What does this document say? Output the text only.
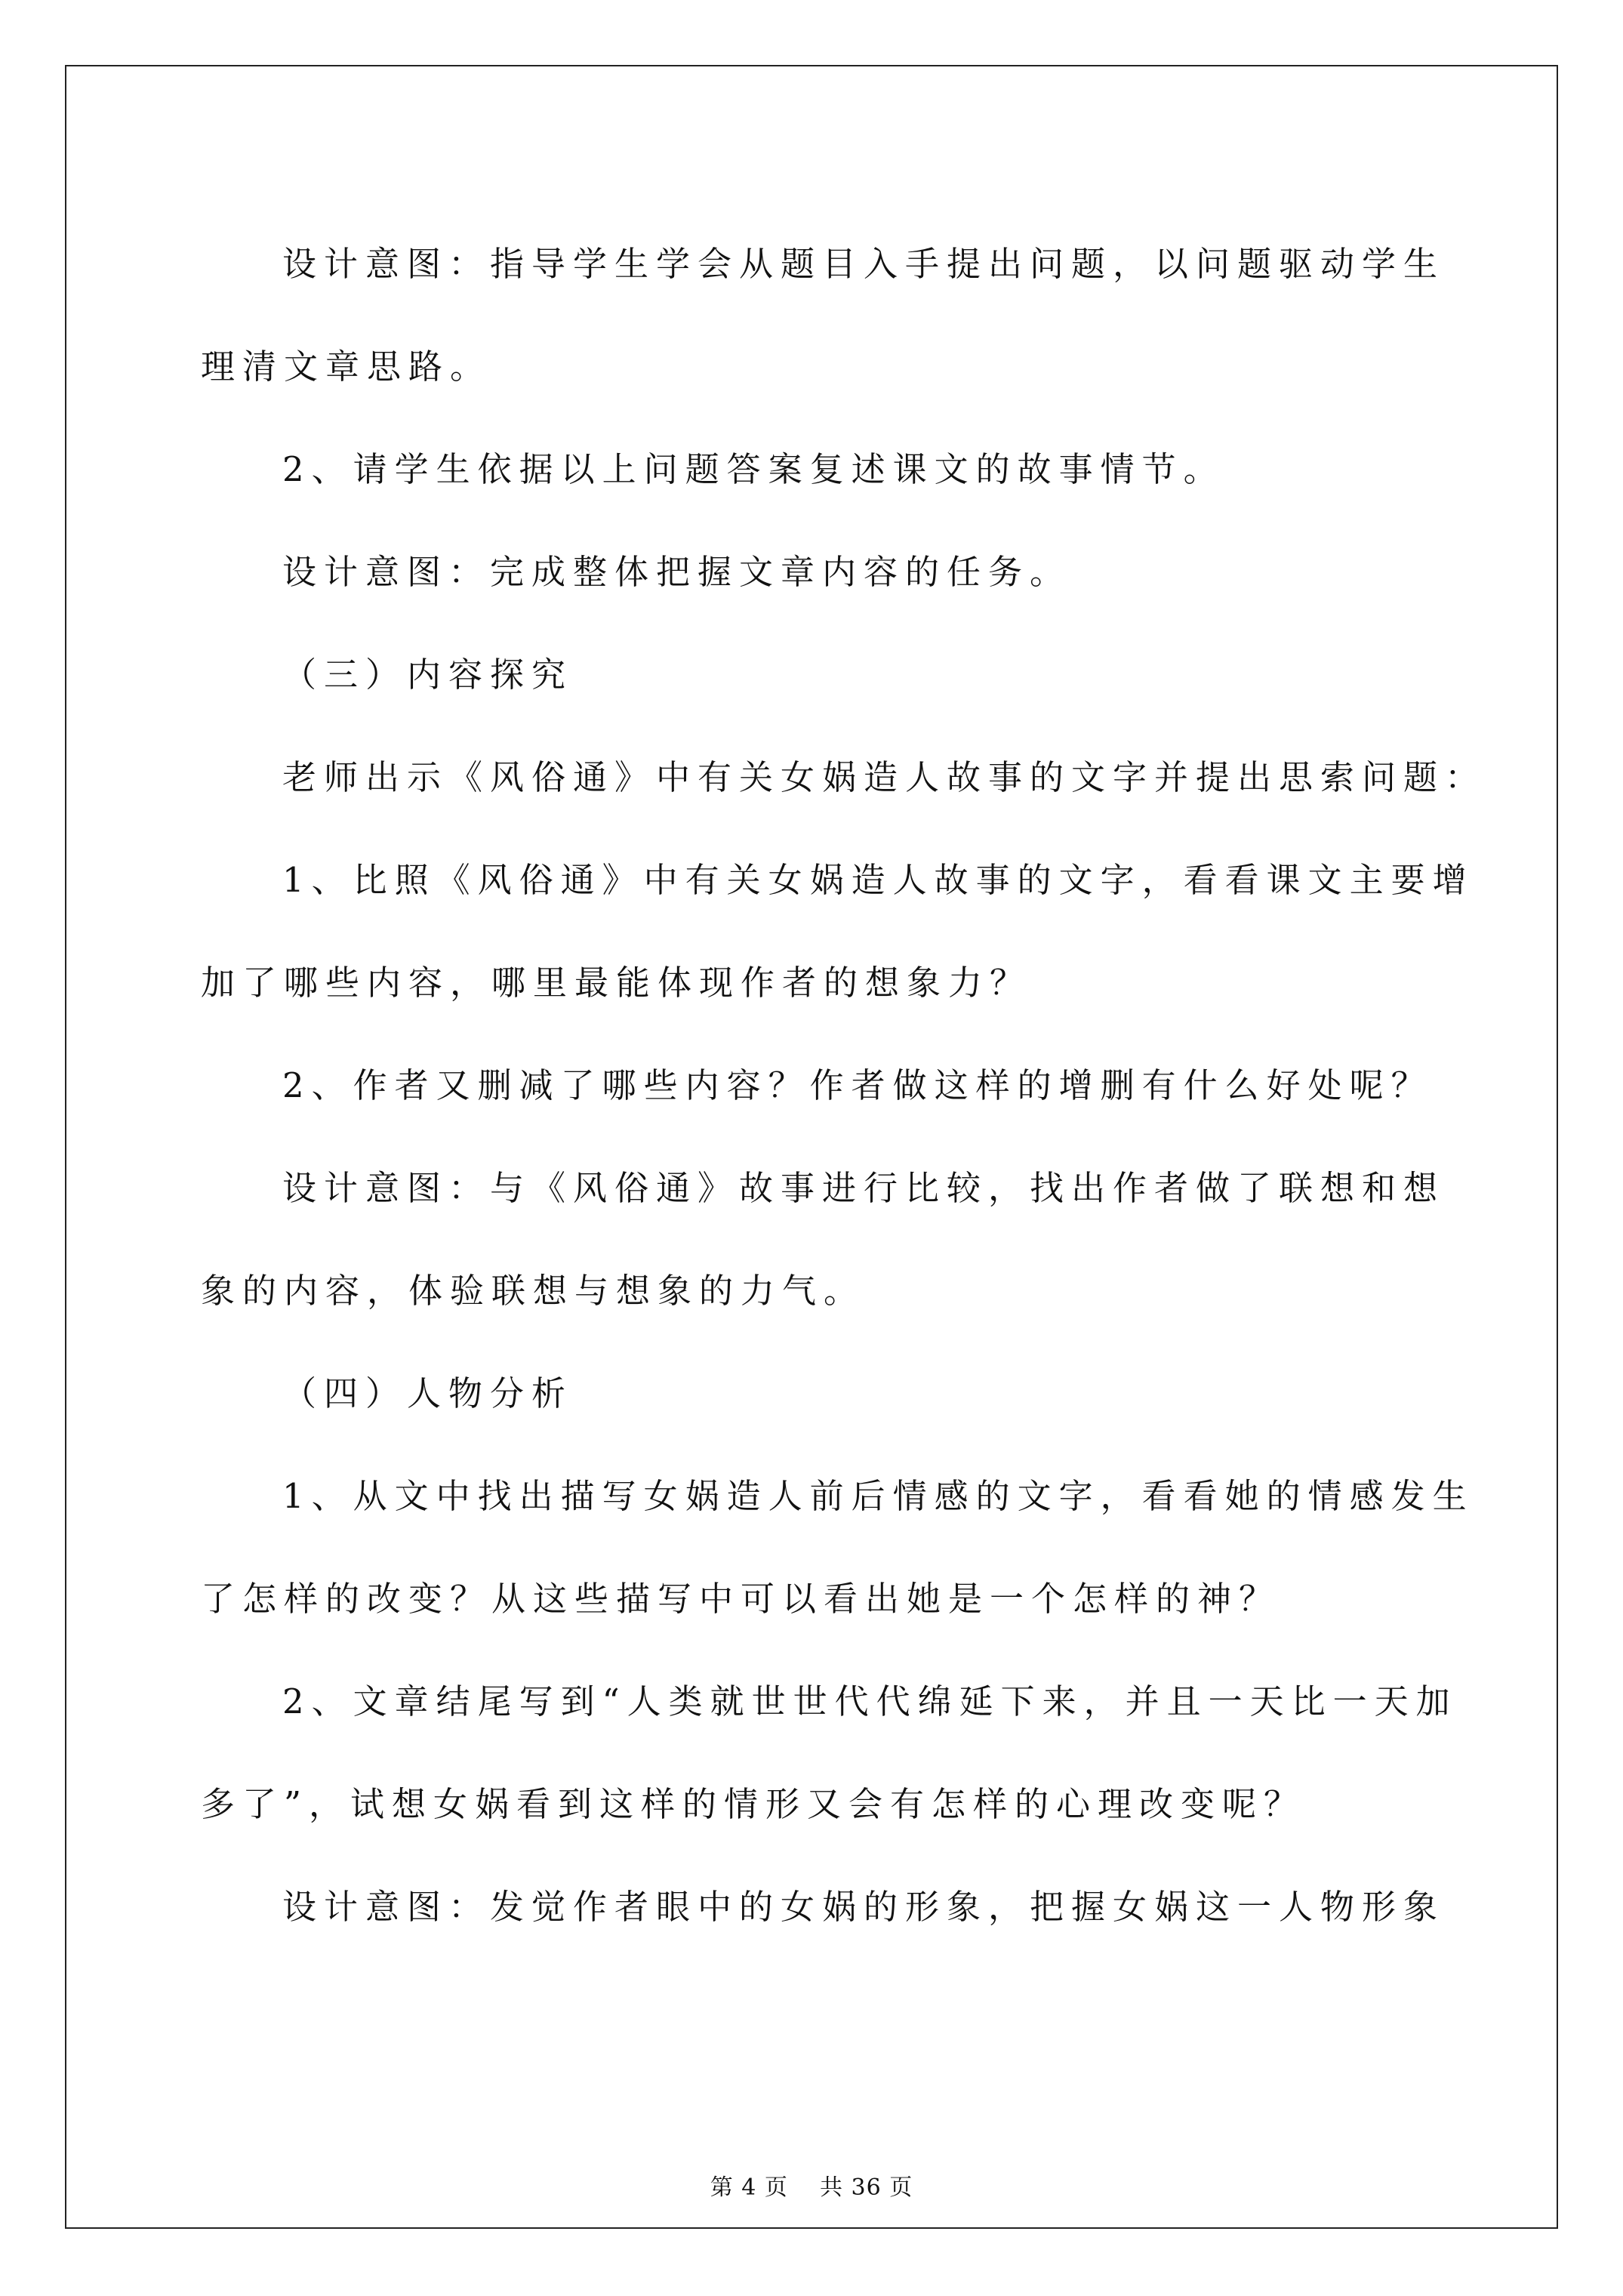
设计意图：指导学生学会从题目入手提出问题，以问题驱动学生
理清文章思路。

2、请学生依据以上问题答案复述课文的故事情节。

设计意图：完成整体把握文章内容的任务。

（三）内容探究

老师出示《风俗通》中有关女娲造人故事的文字并提出思索问题：

1、比照《风俗通》中有关女娲造人故事的文字，看看课文主要增
加了哪些内容，哪里最能体现作者的想象力？

2、作者又删减了哪些内容？作者做这样的增删有什么好处呢？

设计意图：与《风俗通》故事进行比较，找出作者做了联想和想
象的内容，体验联想与想象的力气。

（四）人物分析

1、从文中找出描写女娲造人前后情感的文字，看看她的情感发生
了怎样的改变？从这些描写中可以看出她是一个怎样的神？

2、文章结尾写到“人类就世世代代绵延下来，并且一天比一天加
多了”，试想女娲看到这样的情形又会有怎样的心理改变呢？

设计意图：发觉作者眼中的女娲的形象，把握女娲这一人物形象

第 4 页    共 36 页
